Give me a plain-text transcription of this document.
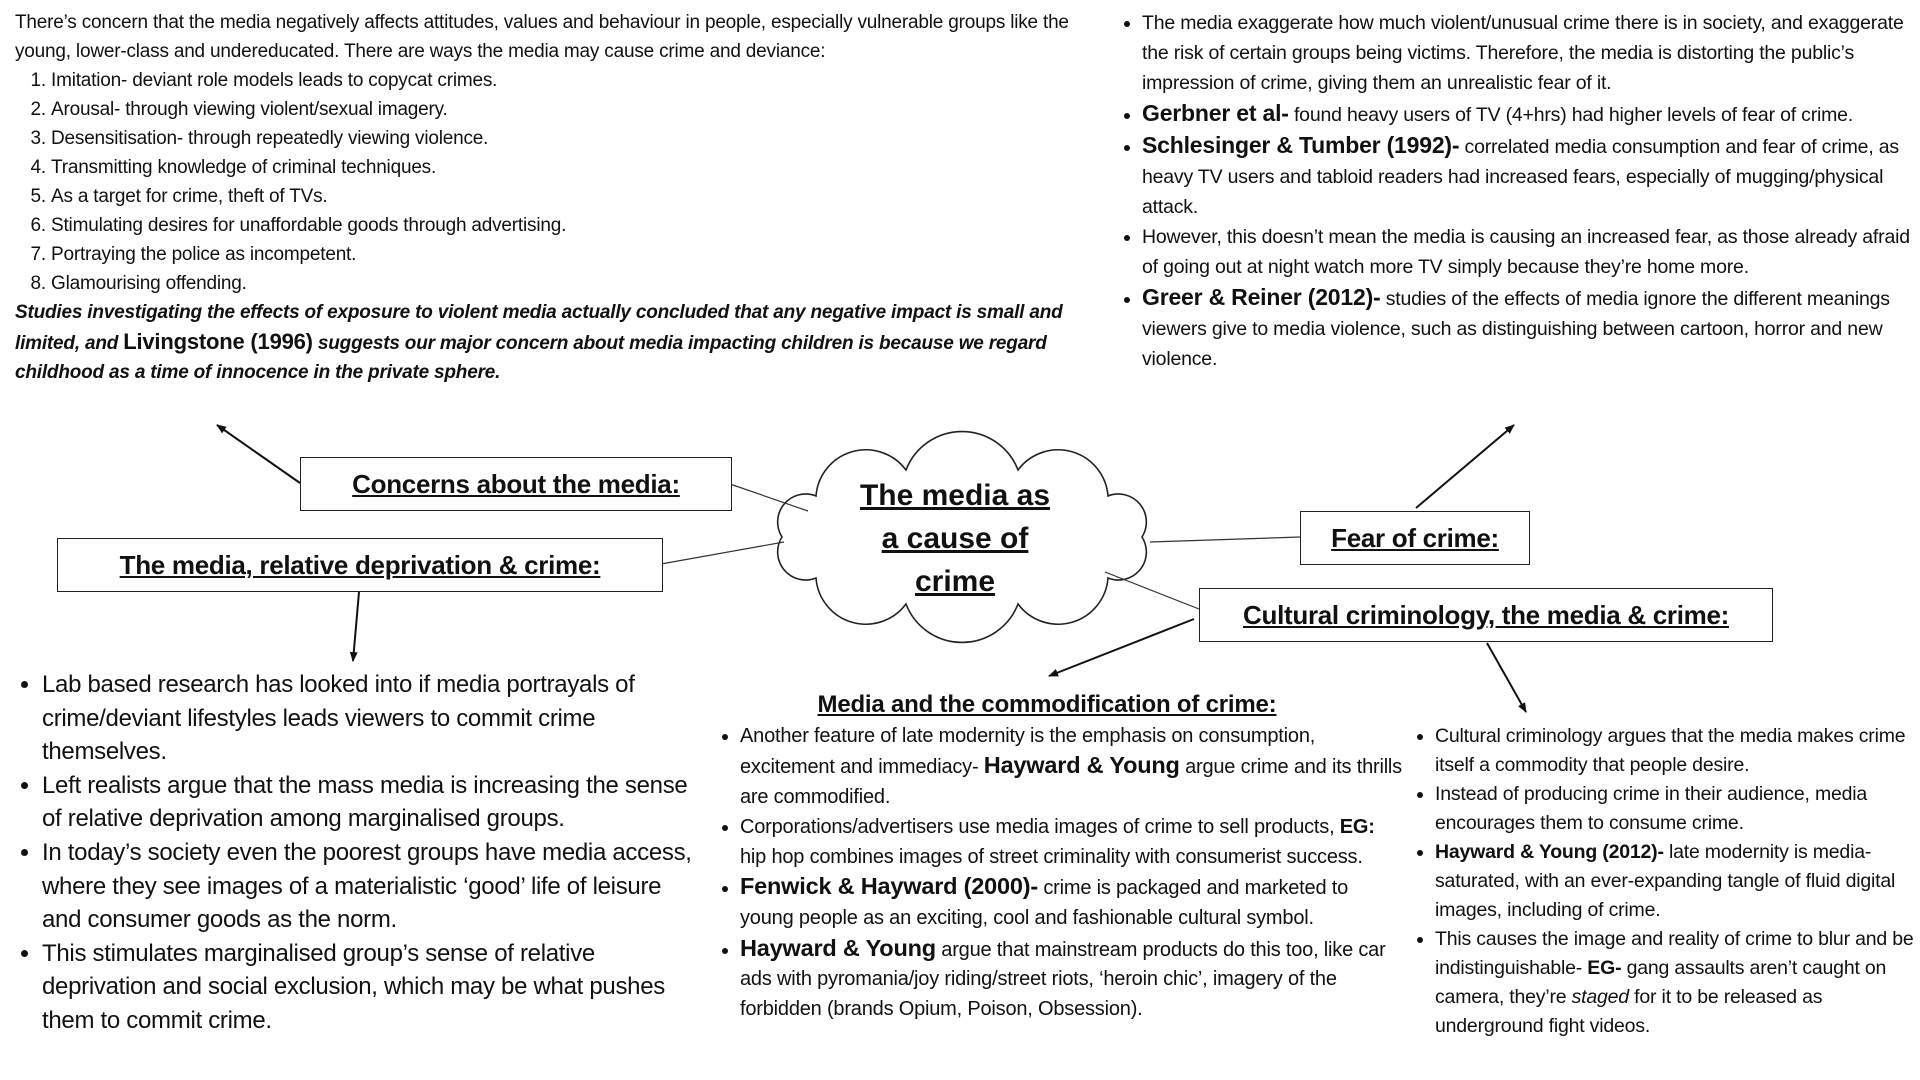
The media as
a cause of
crime
Concerns about the media:
The media, relative deprivation & crime:
Fear of crime:
Cultural criminology, the media & crime:
There’s concern that the media negatively affects attitudes, values and behaviour in people, especially vulnerable groups like the young, lower-class and undereducated. There are ways the media may cause crime and deviance:
1. Imitation- deviant role models leads to copycat crimes.
2. Arousal- through viewing violent/sexual imagery.
3. Desensitisation- through repeatedly viewing violence.
4. Transmitting knowledge of criminal techniques.
5. As a target for crime, theft of TVs.
6. Stimulating desires for unaffordable goods through advertising.
7. Portraying the police as incompetent.
8. Glamourising offending.
Studies investigating the effects of exposure to violent media actually concluded that any negative impact is small and limited, and Livingstone (1996) suggests our major concern about media impacting children is because we regard childhood as a time of innocence in the private sphere.
• The media exaggerate how much violent/unusual crime there is in society, and exaggerate the risk of certain groups being victims. Therefore, the media is distorting the public’s impression of crime, giving them an unrealistic fear of it.
• Gerbner et al- found heavy users of TV (4+hrs) had higher levels of fear of crime.
• Schlesinger & Tumber (1992)- correlated media consumption and fear of crime, as heavy TV users and tabloid readers had increased fears, especially of mugging/physical attack.
• However, this doesn’t mean the media is causing an increased fear, as those already afraid of going out at night watch more TV simply because they’re home more.
• Greer & Reiner (2012)- studies of the effects of media ignore the different meanings viewers give to media violence, such as distinguishing between cartoon, horror and new violence.
• Lab based research has looked into if media portrayals of crime/deviant lifestyles leads viewers to commit crime themselves.
• Left realists argue that the mass media is increasing the sense of relative deprivation among marginalised groups.
• In today’s society even the poorest groups have media access, where they see images of a materialistic ‘good’ life of leisure and consumer goods as the norm.
• This stimulates marginalised group’s sense of relative deprivation and social exclusion, which may be what pushes them to commit crime.
Media and the commodification of crime:
• Another feature of late modernity is the emphasis on consumption, excitement and immediacy- Hayward & Young argue crime and its thrills are commodified.
• Corporations/advertisers use media images of crime to sell products, EG: hip hop combines images of street criminality with consumerist success.
• Fenwick & Hayward (2000)- crime is packaged and marketed to young people as an exciting, cool and fashionable cultural symbol.
• Hayward & Young argue that mainstream products do this too, like car ads with pyromania/joy riding/street riots, ‘heroin chic’, imagery of the forbidden (brands Opium, Poison, Obsession).
• Cultural criminology argues that the media makes crime itself a commodity that people desire.
• Instead of producing crime in their audience, media encourages them to consume crime.
• Hayward & Young (2012)- late modernity is media-saturated, with an ever-expanding tangle of fluid digital images, including of crime.
• This causes the image and reality of crime to blur and be indistinguishable- EG- gang assaults aren’t caught on camera, they’re staged for it to be released as underground fight videos.
